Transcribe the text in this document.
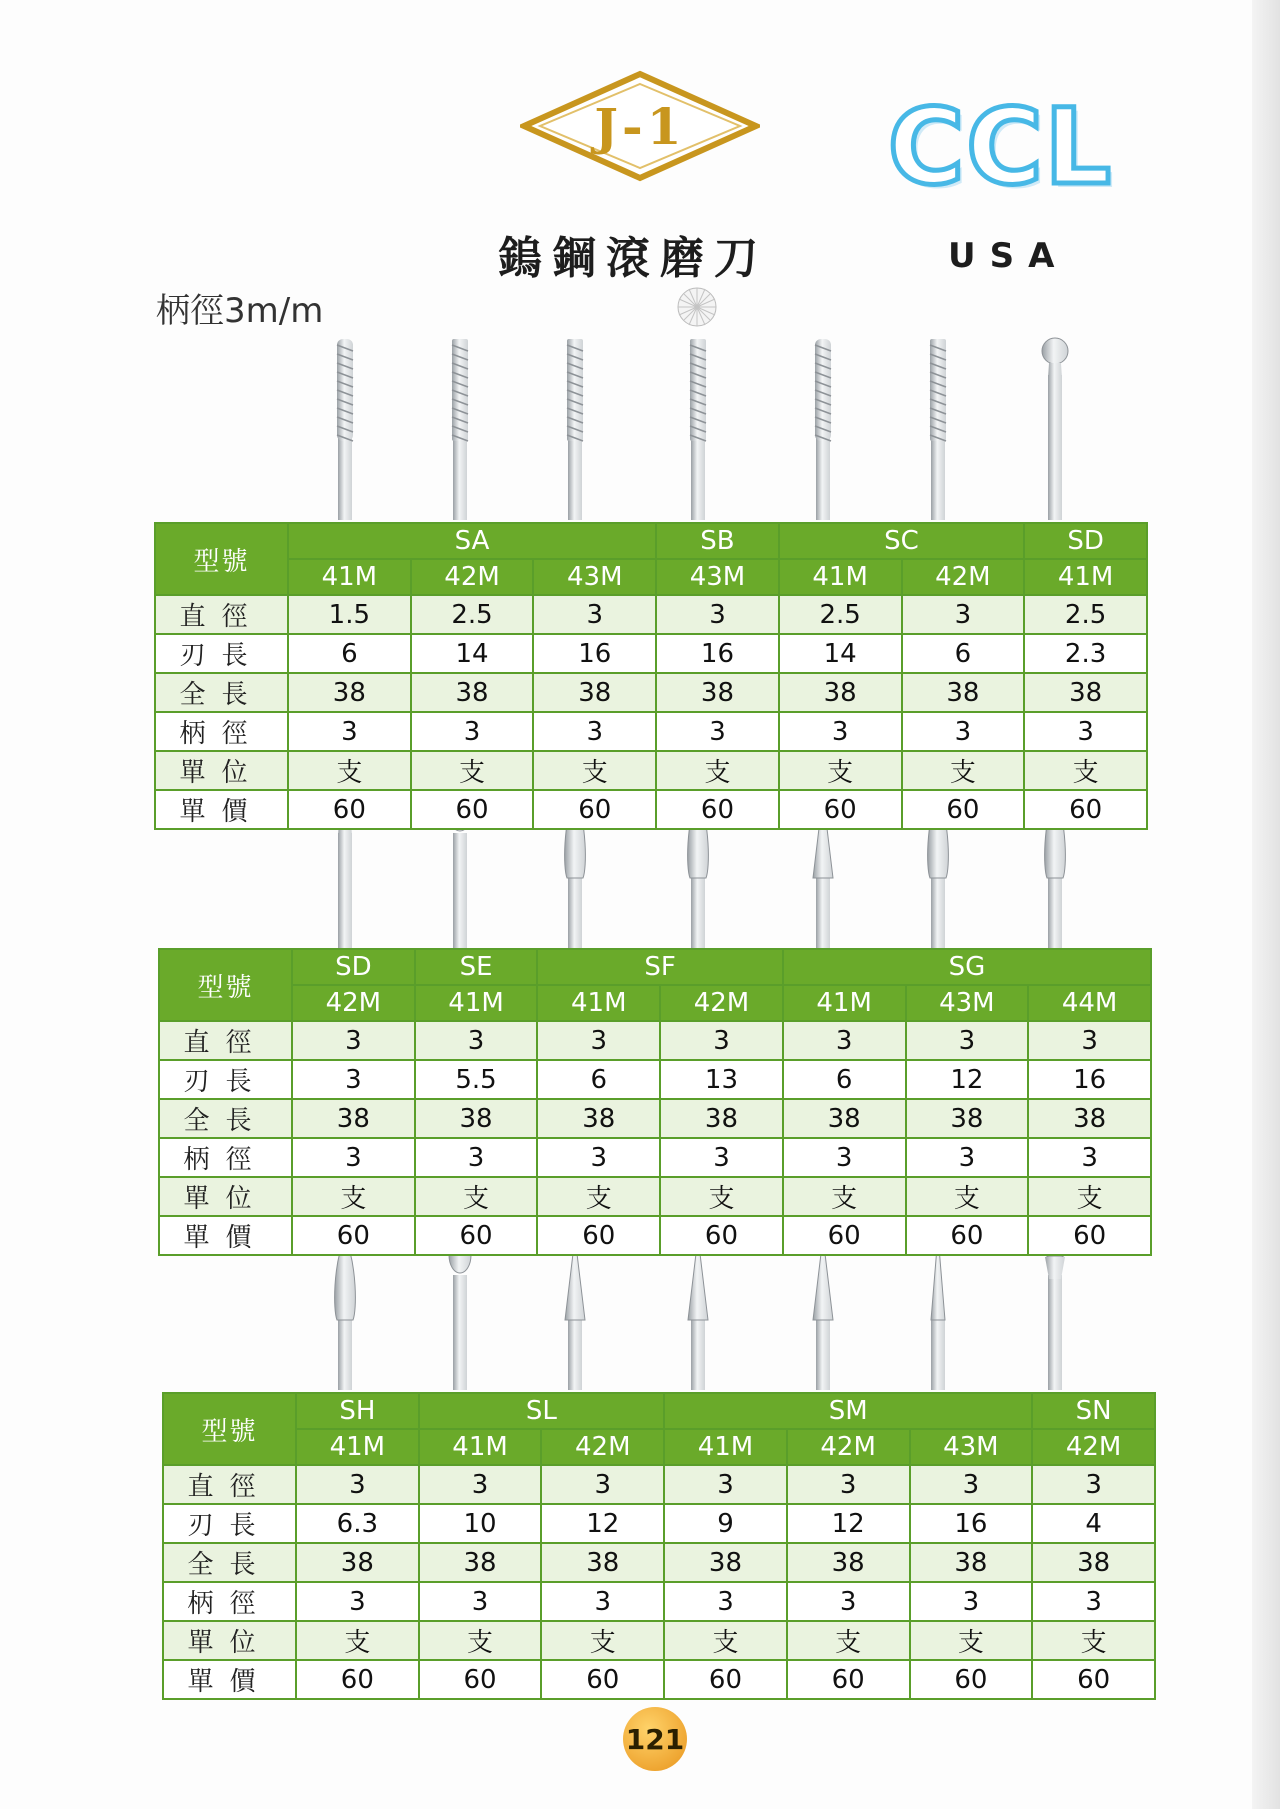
J-1
鎢鋼滾磨刀
CCL
USA
柄徑3m/m
型號	SA			SB	SC		SD
	41M	42M	43M	43M	41M	42M	41M
直徑	1.5	2.5	3	3	2.5	3	2.5
刃長	6	14	16	16	14	6	2.3
全長	38	38	38	38	38	38	38
柄徑	3	3	3	3	3	3	3
單位	支	支	支	支	支	支	支
單價	60	60	60	60	60	60	60
型號	SD	SE	SF		SG		
	42M	41M	41M	42M	41M	43M	44M
直徑	3	3	3	3	3	3	3
刃長	3	5.5	6	13	6	12	16
全長	38	38	38	38	38	38	38
柄徑	3	3	3	3	3	3	3
單位	支	支	支	支	支	支	支
單價	60	60	60	60	60	60	60
型號	SH	SL		SM			SN
	41M	41M	42M	41M	42M	43M	42M
直徑	3	3	3	3	3	3	3
刃長	6.3	10	12	9	12	16	4
全長	38	38	38	38	38	38	38
柄徑	3	3	3	3	3	3	3
單位	支	支	支	支	支	支	支
單價	60	60	60	60	60	60	60
121
